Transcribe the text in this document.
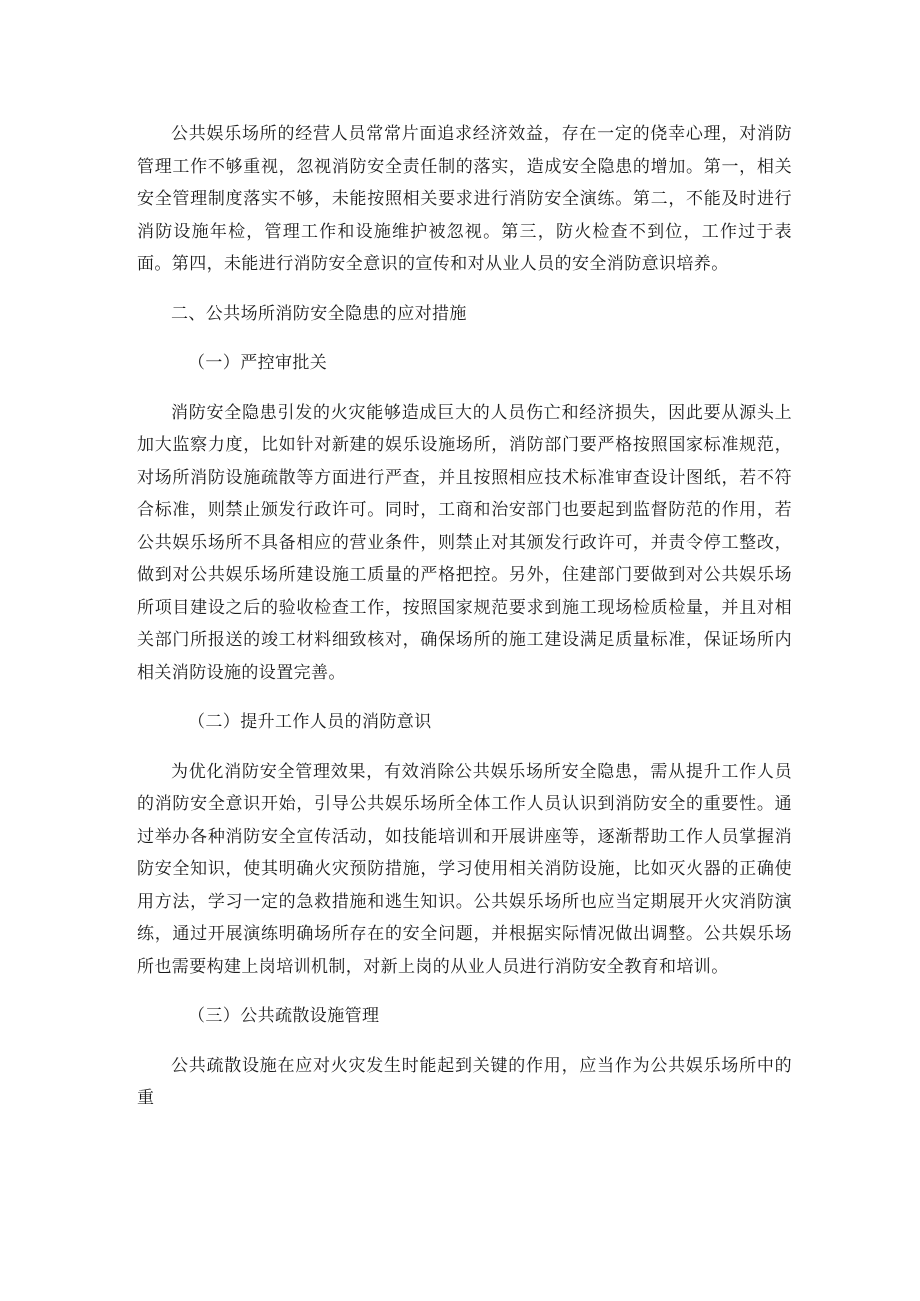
公共娱乐场所的经营人员常常片面追求经济效益，存在一定的侥幸心理，对消防管理工作不够重视，忽视消防安全责任制的落实，造成安全隐患的增加。第一，相关安全管理制度落实不够，未能按照相关要求进行消防安全演练。第二，不能及时进行消防设施年检，管理工作和设施维护被忽视。第三，防火检查不到位，工作过于表面。第四，未能进行消防安全意识的宣传和对从业人员的安全消防意识培养。

二、公共场所消防安全隐患的应对措施

（一）严控审批关

消防安全隐患引发的火灾能够造成巨大的人员伤亡和经济损失，因此要从源头上加大监察力度，比如针对新建的娱乐设施场所，消防部门要严格按照国家标准规范，对场所消防设施疏散等方面进行严查，并且按照相应技术标准审查设计图纸，若不符合标准，则禁止颁发行政许可。同时，工商和治安部门也要起到监督防范的作用，若公共娱乐场所不具备相应的营业条件，则禁止对其颁发行政许可，并责令停工整改，做到对公共娱乐场所建设施工质量的严格把控。另外，住建部门要做到对公共娱乐场所项目建设之后的验收检查工作，按照国家规范要求到施工现场检质检量，并且对相关部门所报送的竣工材料细致核对，确保场所的施工建设满足质量标准，保证场所内相关消防设施的设置完善。

（二）提升工作人员的消防意识

为优化消防安全管理效果，有效消除公共娱乐场所安全隐患，需从提升工作人员的消防安全意识开始，引导公共娱乐场所全体工作人员认识到消防安全的重要性。通过举办各种消防安全宣传活动，如技能培训和开展讲座等，逐渐帮助工作人员掌握消防安全知识，使其明确火灾预防措施，学习使用相关消防设施，比如灭火器的正确使用方法，学习一定的急救措施和逃生知识。公共娱乐场所也应当定期展开火灾消防演练，通过开展演练明确场所存在的安全问题，并根据实际情况做出调整。公共娱乐场所也需要构建上岗培训机制，对新上岗的从业人员进行消防安全教育和培训。

（三）公共疏散设施管理

公共疏散设施在应对火灾发生时能起到关键的作用，应当作为公共娱乐场所中的重
